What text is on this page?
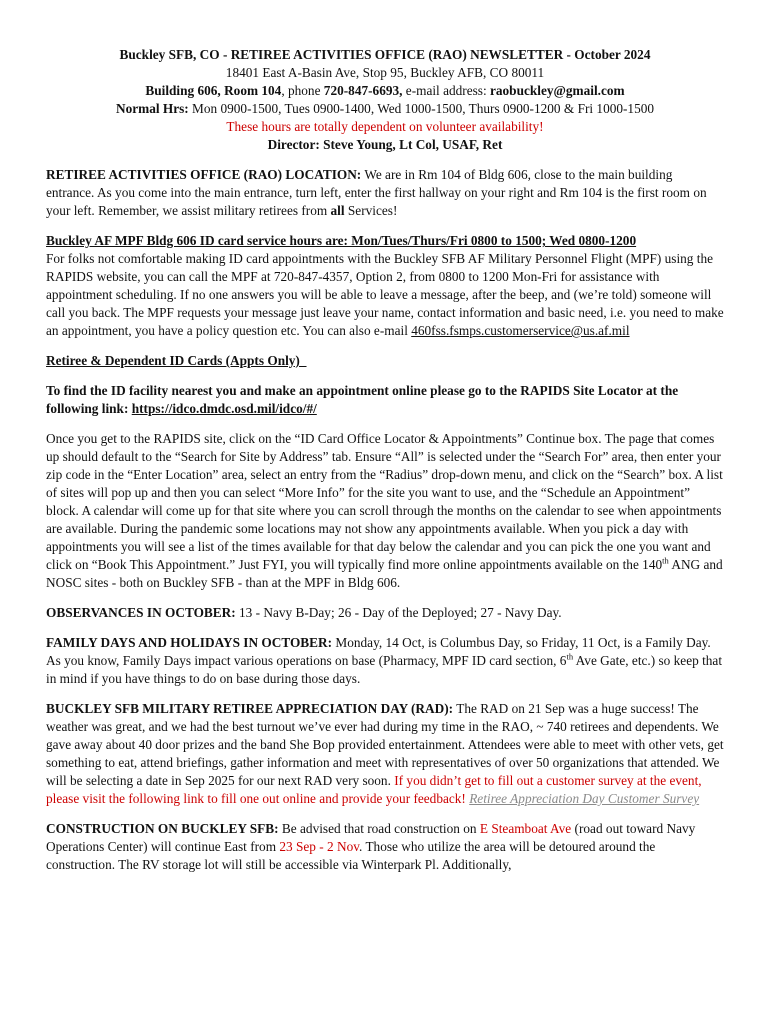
Buckley SFB, CO - RETIREE ACTIVITIES OFFICE (RAO) NEWSLETTER - October 2024

18401 East A-Basin Ave, Stop 95, Buckley AFB, CO 80011

Building 606, Room 104, phone 720-847-6693, e-mail address: raobuckley@gmail.com

Normal Hrs: Mon 0900-1500, Tues 0900-1400, Wed 1000-1500, Thurs 0900-1200 & Fri 1000-1500

These hours are totally dependent on volunteer availability!

Director: Steve Young, Lt Col, USAF, Ret

RETIREE ACTIVITIES OFFICE (RAO) LOCATION: We are in Rm 104 of Bldg 606, close to the main building entrance. As you come into the main entrance, turn left, enter the first hallway on your right and Rm 104 is the first room on your left. Remember, we assist military retirees from all Services!

Buckley AF MPF Bldg 606 ID card service hours are: Mon/Tues/Thurs/Fri 0800 to 1500; Wed 0800-1200

For folks not comfortable making ID card appointments with the Buckley SFB AF Military Personnel Flight (MPF) using the RAPIDS website, you can call the MPF at 720-847-4357, Option 2, from 0800 to 1200 Mon-Fri for assistance with appointment scheduling. If no one answers you will be able to leave a message, after the beep, and (we’re told) someone will call you back. The MPF requests your message just leave your name, contact information and basic need, i.e. you need to make an appointment, you have a policy question etc. You can also e-mail 460fss.fsmps.customerservice@us.af.mil

Retiree & Dependent ID Cards (Appts Only)

To find the ID facility nearest you and make an appointment online please go to the RAPIDS Site Locator at the following link: https://idco.dmdc.osd.mil/idco/#/

Once you get to the RAPIDS site, click on the “ID Card Office Locator & Appointments” Continue box. The page that comes up should default to the “Search for Site by Address” tab. Ensure “All” is selected under the “Search For” area, then enter your zip code in the “Enter Location” area, select an entry from the “Radius” drop-down menu, and click on the “Search” box. A list of sites will pop up and then you can select “More Info” for the site you want to use, and the “Schedule an Appointment” block. A calendar will come up for that site where you can scroll through the months on the calendar to see when appointments are available. During the pandemic some locations may not show any appointments available. When you pick a day with appointments you will see a list of the times available for that day below the calendar and you can pick the one you want and click on “Book This Appointment.” Just FYI, you will typically find more online appointments available on the 140th ANG and NOSC sites - both on Buckley SFB - than at the MPF in Bldg 606.

OBSERVANCES IN OCTOBER: 13 - Navy B-Day; 26 - Day of the Deployed; 27 - Navy Day.

FAMILY DAYS AND HOLIDAYS IN OCTOBER: Monday, 14 Oct, is Columbus Day, so Friday, 11 Oct, is a Family Day. As you know, Family Days impact various operations on base (Pharmacy, MPF ID card section, 6th Ave Gate, etc.) so keep that in mind if you have things to do on base during those days.

BUCKLEY SFB MILITARY RETIREE APPRECIATION DAY (RAD): The RAD on 21 Sep was a huge success! The weather was great, and we had the best turnout we’ve ever had during my time in the RAO, ~ 740 retirees and dependents. We gave away about 40 door prizes and the band She Bop provided entertainment. Attendees were able to meet with other vets, get something to eat, attend briefings, gather information and meet with representatives of over 50 organizations that attended. We will be selecting a date in Sep 2025 for our next RAD very soon. If you didn’t get to fill out a customer survey at the event, please visit the following link to fill one out online and provide your feedback! Retiree Appreciation Day Customer Survey

CONSTRUCTION ON BUCKLEY SFB: Be advised that road construction on E Steamboat Ave (road out toward Navy Operations Center) will continue East from 23 Sep - 2 Nov. Those who utilize the area will be detoured around the construction. The RV storage lot will still be accessible via Winterpark Pl. Additionally,
